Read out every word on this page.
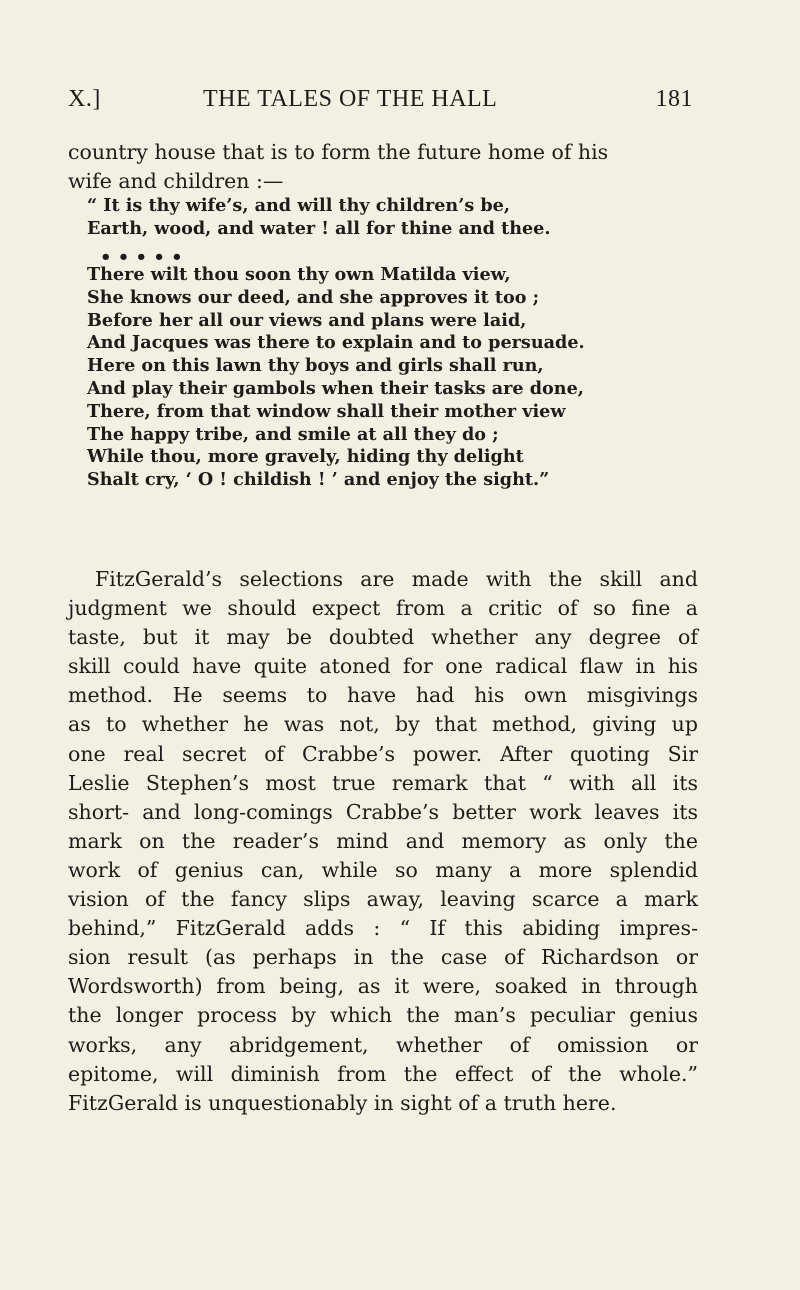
X.]	THE TALES OF THE HALL	181
country house that is to form the future home of his
wife and children :—
“ It is thy wife’s, and will thy children’s be,
Earth, wood, and water ! all for thine and thee.
• • • • •
There wilt thou soon thy own Matilda view,
She knows our deed, and she approves it too ;
Before her all our views and plans were laid,
And Jacques was there to explain and to persuade.
Here on this lawn thy boys and girls shall run,
And play their gambols when their tasks are done,
There, from that window shall their mother view
The happy tribe, and smile at all they do ;
While thou, more gravely, hiding thy delight
Shalt cry, ‘ O ! childish ! ’ and enjoy the sight.”
FitzGerald’s selections are made with the skill and
judgment we should expect from a critic of so fine a
taste, but it may be doubted whether any degree of
skill could have quite atoned for one radical flaw in his
method. He seems to have had his own misgivings
as to whether he was not, by that method, giving up
one real secret of Crabbe’s power. After quoting Sir
Leslie Stephen’s most true remark that “ with all its
short- and long-comings Crabbe’s better work leaves its
mark on the reader’s mind and memory as only the
work of genius can, while so many a more splendid
vision of the fancy slips away, leaving scarce a mark
behind,” FitzGerald adds : “ If this abiding impres-
sion result (as perhaps in the case of Richardson or
Wordsworth) from being, as it were, soaked in through
the longer process by which the man’s peculiar genius
works, any abridgement, whether of omission or
epitome, will diminish from the effect of the whole.”
FitzGerald is unquestionably in sight of a truth here.
